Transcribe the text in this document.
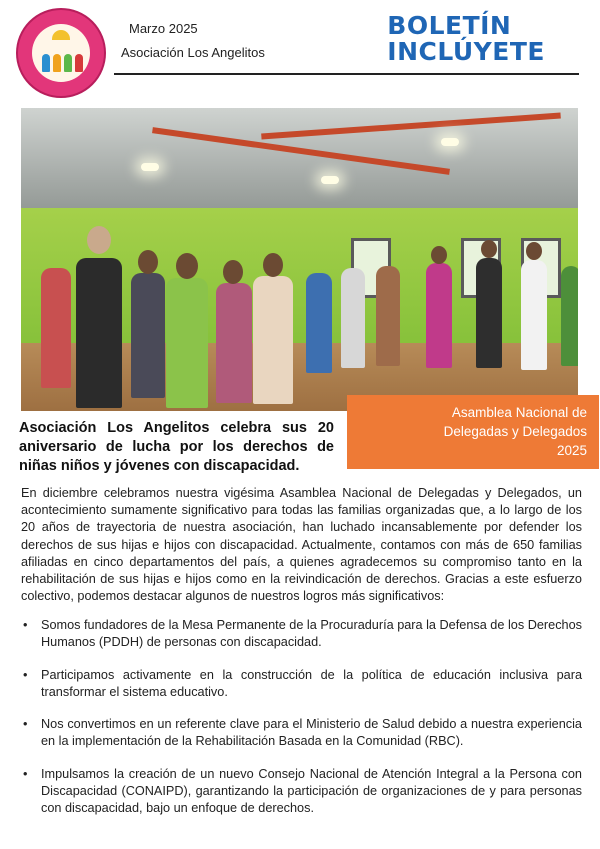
Marzo 2025
Asociación Los Angelitos
BOLETÍN
INCLÚYETE
Asamblea Nacional de
Delegadas y Delegados
2025
Asociación Los Angelitos celebra sus 20 aniversario de lucha por los derechos de niñas niños y jóvenes con discapacidad.

En diciembre celebramos nuestra vigésima Asamblea Nacional de Delegadas y Delegados, un acontecimiento sumamente significativo para todas las familias organizadas que, a lo largo de los 20 años de trayectoria de nuestra asociación, han luchado incansablemente por defender los derechos de sus hijas e hijos con discapacidad. Actualmente, contamos con más de 650 familias afiliadas en cinco departamentos del país, a quienes agradecemos su compromiso tanto en la rehabilitación de sus hijas e hijos como en la reivindicación de derechos. Gracias a este esfuerzo colectivo, podemos destacar algunos de nuestros logros más significativos:

• Somos fundadores de la Mesa Permanente de la Procuraduría para la Defensa de los Derechos Humanos (PDDH) de personas con discapacidad.
• Participamos activamente en la construcción de la política de educación inclusiva para transformar el sistema educativo.
• Nos convertimos en un referente clave para el Ministerio de Salud debido a nuestra experiencia en la implementación de la Rehabilitación Basada en la Comunidad (RBC).
• Impulsamos la creación de un nuevo Consejo Nacional de Atención Integral a la Persona con Discapacidad (CONAIPD), garantizando la participación de organizaciones de y para personas con discapacidad, bajo un enfoque de derechos.
